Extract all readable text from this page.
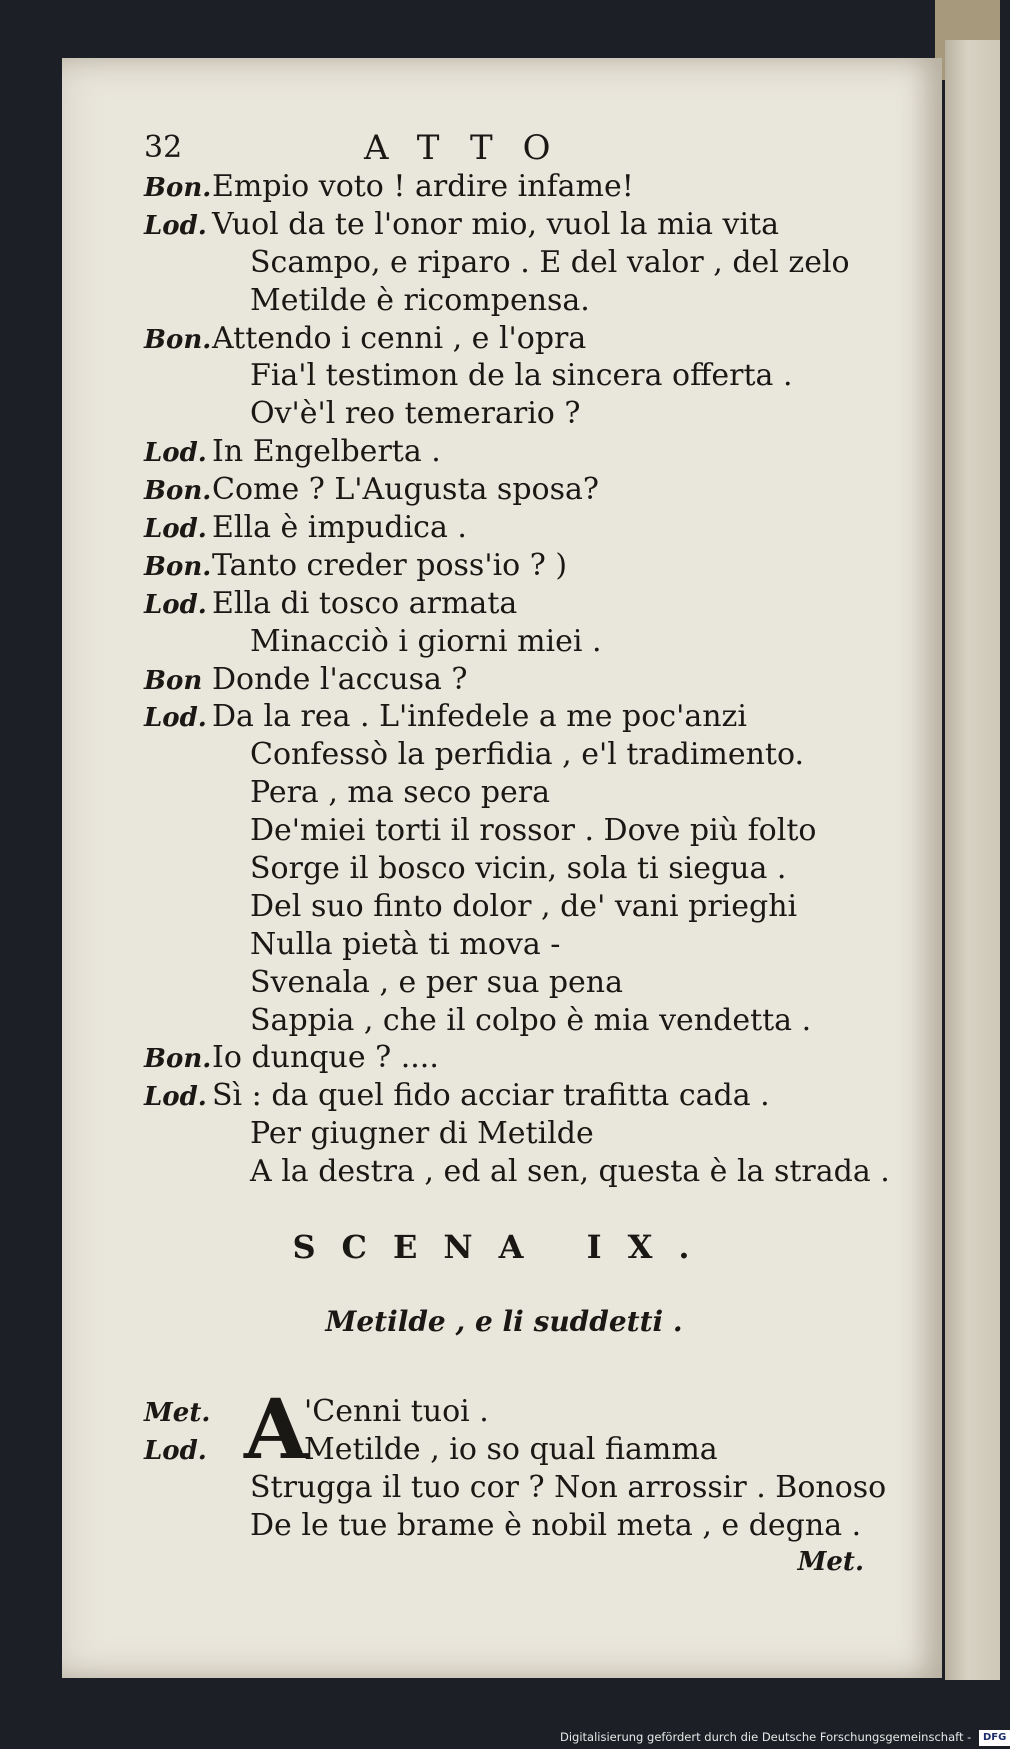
32	ATTO
Bon.Empio voto ! ardire infame!
Lod. Vuol da te l'onor mio, vuol la mia vita
Scampo, e riparo . E del valor , del zelo
Metilde è ricompensa.
Bon.Attendo i cenni , e l'opra
Fia'l testimon de la sincera offerta .
Ov'è'l reo temerario ?
Lod. In Engelberta .
Bon.Come ? L'Augusta sposa?
Lod. Ella è impudica .
Bon.Tanto creder poss'io ? )
Lod. Ella di tosco armata
Minacciò i giorni miei .
Bon Donde l'accusa ?
Lod. Da la rea . L'infedele a me poc'anzi
Confessò la perfidia , e'l tradimento.
Pera , ma seco pera
De'miei torti il rossor . Dove più folto
Sorge il bosco vicin, sola ti siegua .
Del suo finto dolor , de' vani prieghi
Nulla pietà ti mova -
Svenala , e per sua pena
Sappia , che il colpo è mia vendetta .
Bon.Io dunque ? ....
Lod. Sì : da quel fido acciar trafitta cada .
Per giugner di Metilde
A la destra , ed al sen, questa è la strada .
SCENA IX.
Metilde , e li suddetti .
Met. A
'Cenni tuoi .
Lod.	Metilde , io so qual fiamma
Strugga il tuo cor ? Non arrossir . Bonoso
De le tue brame è nobil meta , e degna .
Met.
Digitalisierung gefördert durch die Deutsche Forschungsgemeinschaft - DFG
